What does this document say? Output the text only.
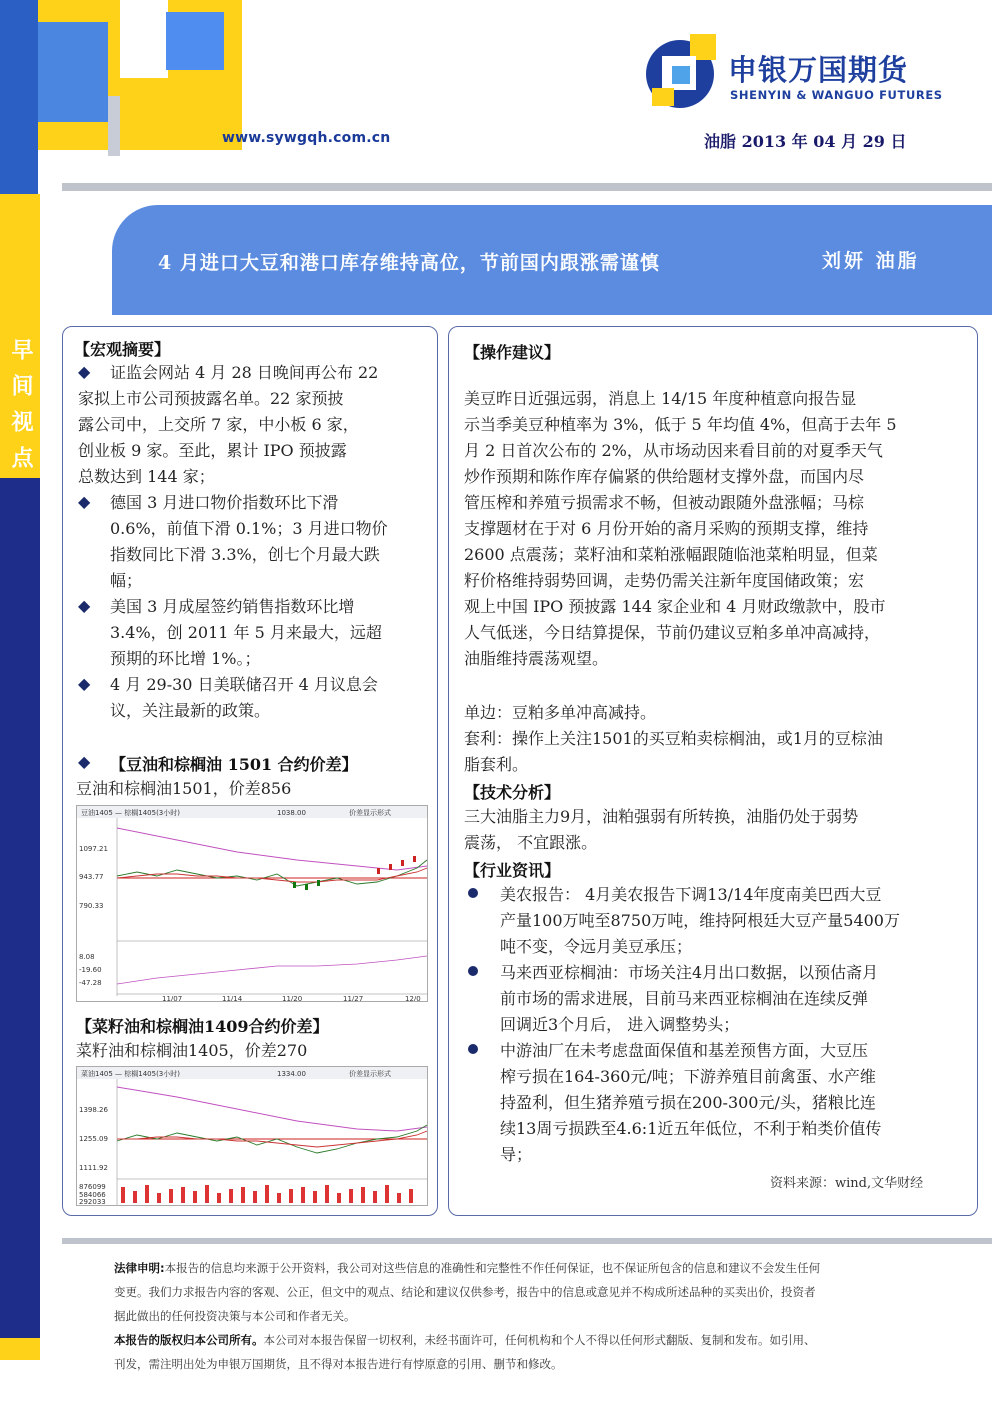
www.sywgqh.com.cn	油脂 2013 年 04 月 29 日
申银万国期货
SHENYIN & WANGUO FUTURES
早间视点
4 月进口大豆和港口库存维持高位，节前国内跟涨需谨慎	刘妍 油脂
【宏观摘要】
◆ 证监会网站 4 月 28 日晚间再公布 22
家拟上市公司预披露名单。22 家预披
露公司中，上交所 7 家，中小板 6 家，
创业板 9 家。至此，累计 IPO 预披露
总数达到 144 家；
◆ 德国 3 月进口物价指数环比下滑
0.6%，前值下滑 0.1%；3 月进口物价
指数同比下滑 3.3%，创七个月最大跌
幅；
◆ 美国 3 月成屋签约销售指数环比增
3.4%，创 2011 年 5 月来最大，远超
预期的环比增 1%。；
◆ 4 月 29-30 日美联储召开 4 月议息会
议，关注最新的政策。
◆ 【豆油和棕榈油 1501 合约价差】
豆油和棕榈油1501，价差856
豆油1405 — 棕榈1405(3小时)	1038.00	价差显示形式
1097.21
943.77
790.33
8.08
-19.60
-47.28
11/07	11/14	11/20	11/27	12/0
【菜籽油和棕榈油1409合约价差】
菜籽油和棕榈油1405，价差270
菜油1405 — 棕榈1405(3小时)	1334.00	价差显示形式
1398.26
1255.09
1111.92
876099
584066
292033
【操作建议】
美豆昨日近强远弱，消息上 14/15 年度种植意向报告显
示当季美豆种植率为 3%，低于 5 年均值 4%，但高于去年 5
月 2 日首次公布的 2%，从市场动因来看目前的对夏季天气
炒作预期和陈作库存偏紧的供给题材支撑外盘，而国内尽
管压榨和养殖亏损需求不畅，但被动跟随外盘涨幅；马棕
支撑题材在于对 6 月份开始的斋月采购的预期支撑，维持
2600 点震荡；菜籽油和菜粕涨幅跟随临池菜粕明显，但菜
籽价格维持弱势回调，走势仍需关注新年度国储政策；宏
观上中国 IPO 预披露 144 家企业和 4 月财政缴款中，股市
人气低迷，今日结算提保，节前仍建议豆粕多单冲高减持，
油脂维持震荡观望。
单边：豆粕多单冲高减持。
套利：操作上关注1501的买豆粕卖棕榈油，或1月的豆棕油
脂套利。
【技术分析】
三大油脂主力9月，油粕强弱有所转换，油脂仍处于弱势
震荡， 不宜跟涨。
【行业资讯】
美农报告： 4月美农报告下调13/14年度南美巴西大豆
产量100万吨至8750万吨，维持阿根廷大豆产量5400万
吨不变，令远月美豆承压；
马来西亚棕榈油：市场关注4月出口数据，以预估斋月
前市场的需求进展，目前马来西亚棕榈油在连续反弹
回调近3个月后， 进入调整势头；
中游油厂在未考虑盘面保值和基差预售方面，大豆压
榨亏损在164-360元/吨；下游养殖目前禽蛋、水产维
持盈利，但生猪养殖亏损在200-300元/头，猪粮比连
续13周亏损跌至4.6:1近五年低位，不利于粕类价值传
导；
资料来源：wind,文华财经
法律申明:本报告的信息均来源于公开资料，我公司对这些信息的准确性和完整性不作任何保证，也不保证所包含的信息和建议不会发生任何
变更。我们力求报告内容的客观、公正，但文中的观点、结论和建议仅供参考，报告中的信息或意见并不构成所述品种的买卖出价，投资者
据此做出的任何投资决策与本公司和作者无关。
本报告的版权归本公司所有。本公司对本报告保留一切权利，未经书面许可，任何机构和个人不得以任何形式翻版、复制和发布。如引用、
刊发，需注明出处为申银万国期货，且不得对本报告进行有悖原意的引用、删节和修改。
